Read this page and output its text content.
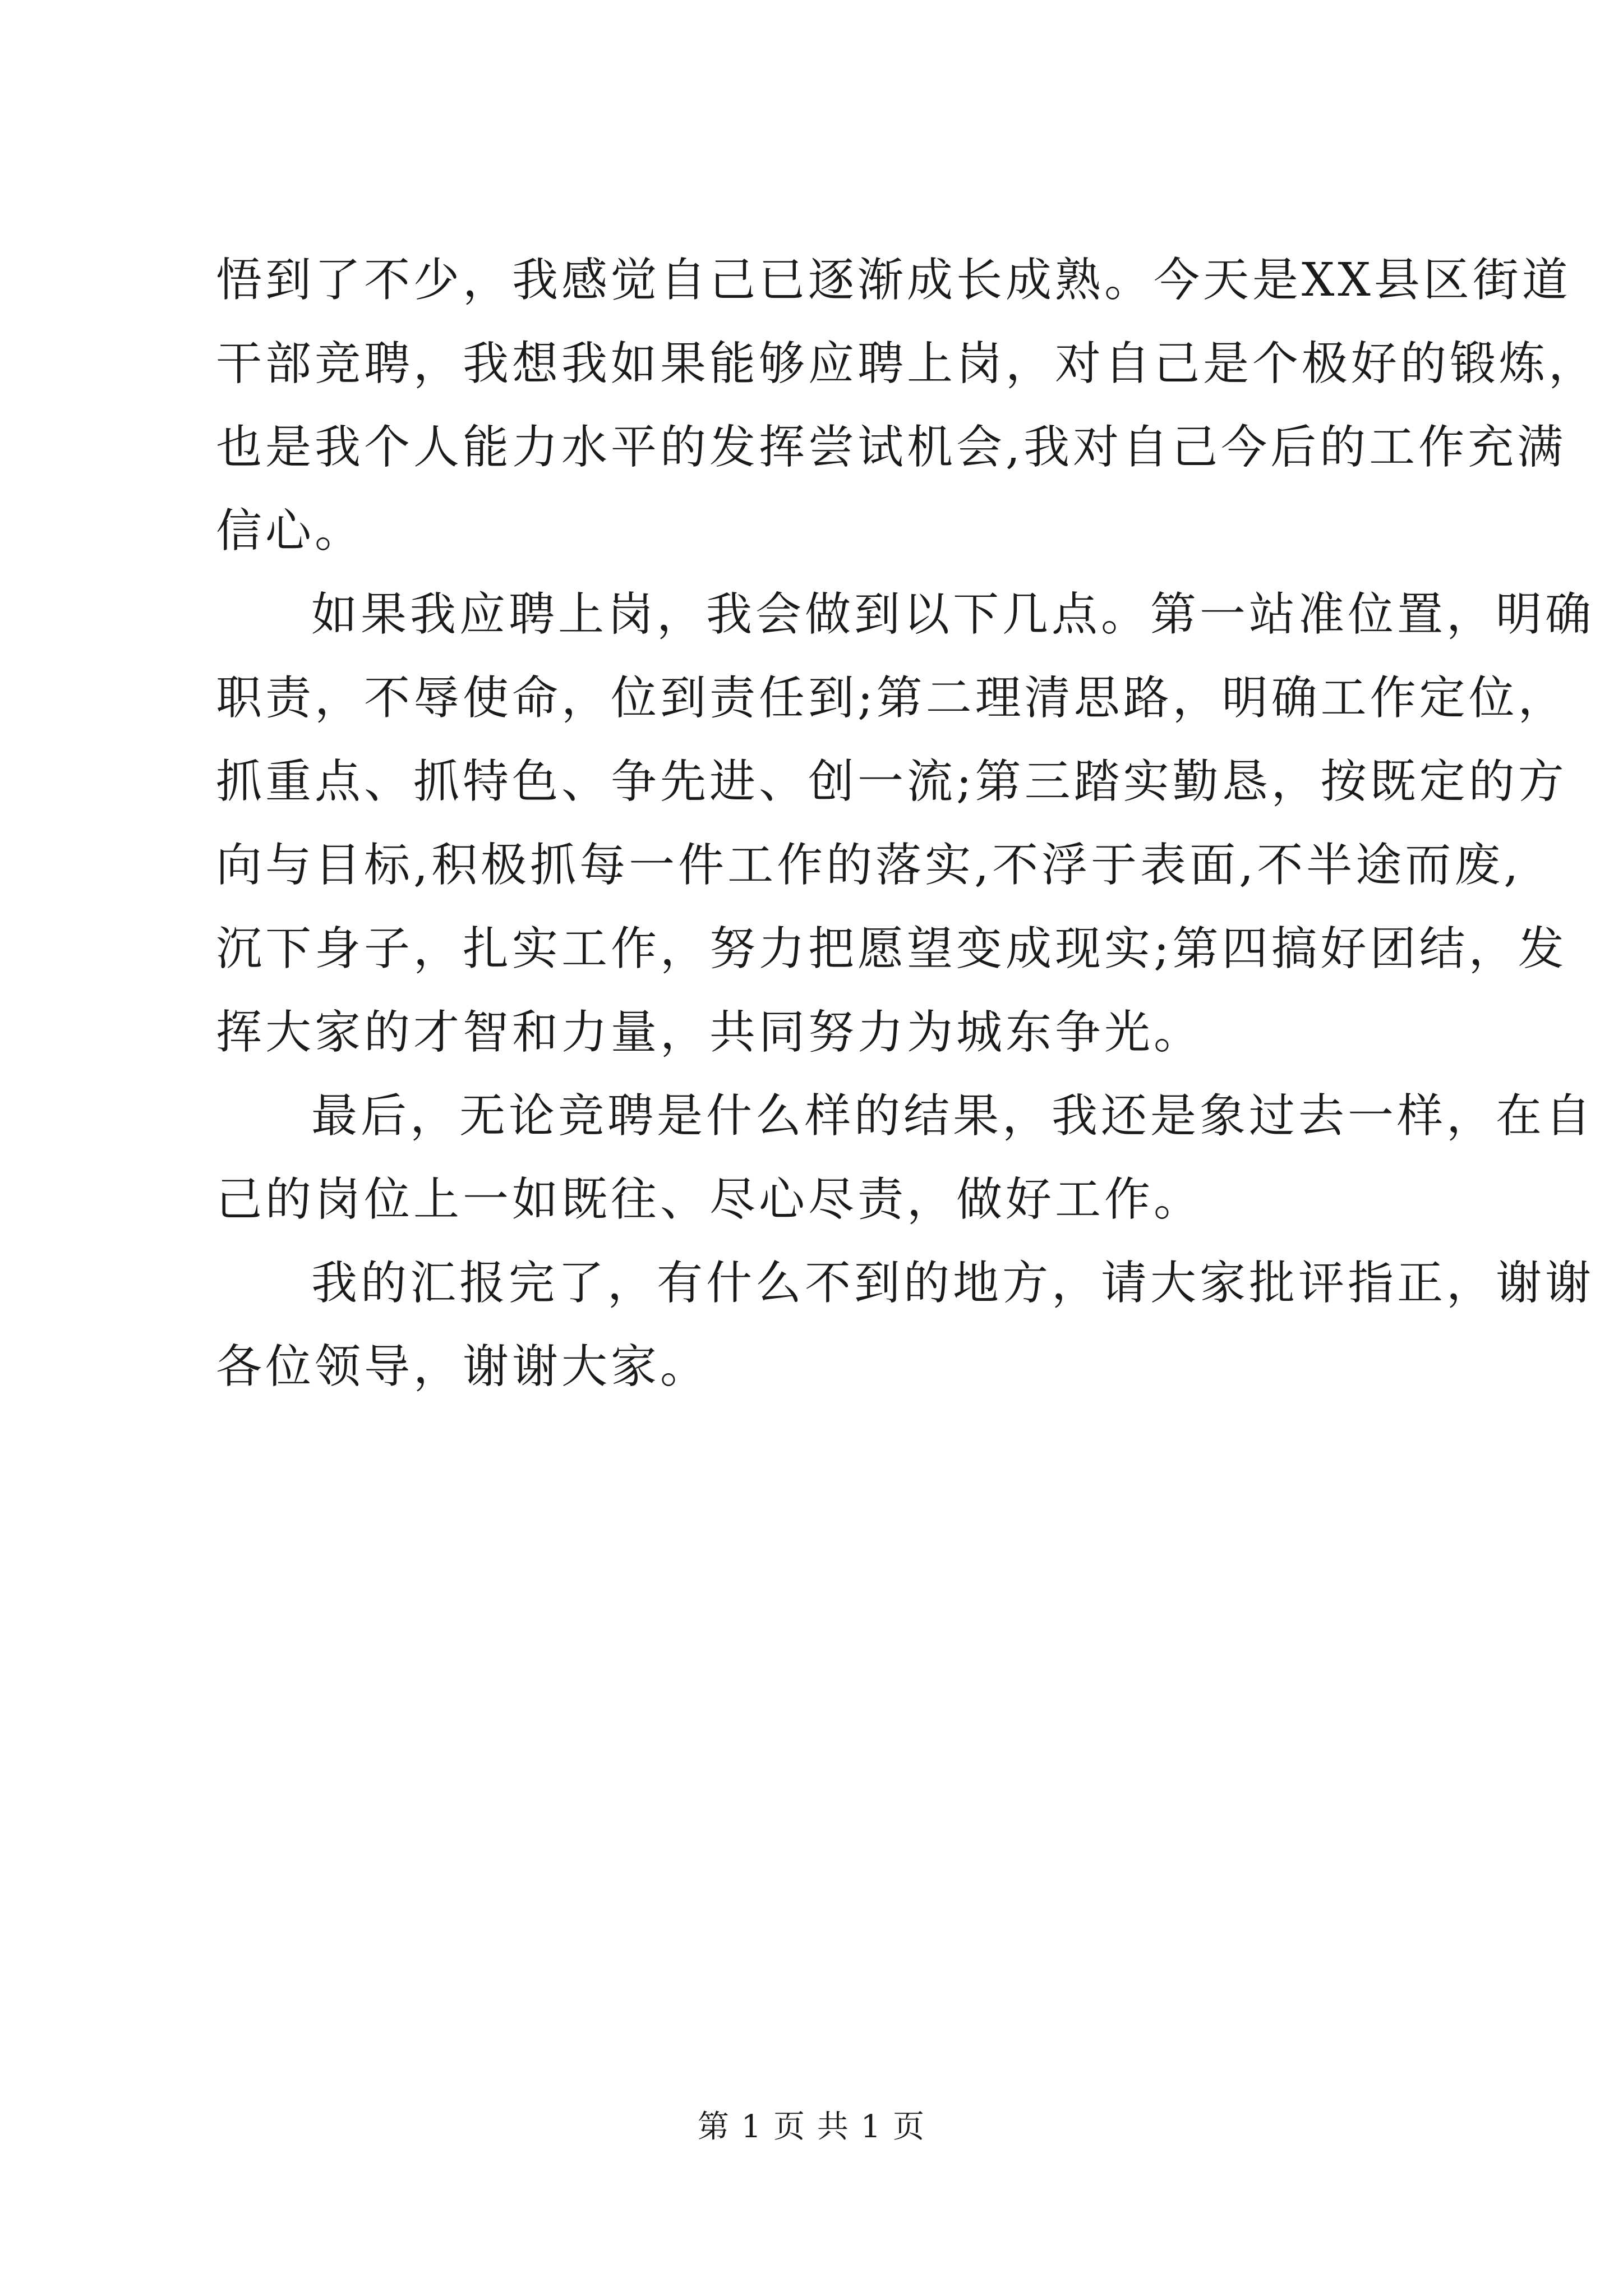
悟到了不少，我感觉自己已逐渐成长成熟。今天是XX县区街道
干部竞聘，我想我如果能够应聘上岗，对自己是个极好的锻炼，
也是我个人能力水平的发挥尝试机会,我对自己今后的工作充满
信心。
如果我应聘上岗，我会做到以下几点。第一站准位置，明确
职责，不辱使命，位到责任到;第二理清思路，明确工作定位，
抓重点、抓特色、争先进、创一流;第三踏实勤恳，按既定的方
向与目标,积极抓每一件工作的落实,不浮于表面,不半途而废,
沉下身子，扎实工作，努力把愿望变成现实;第四搞好团结，发
挥大家的才智和力量，共同努力为城东争光。
最后，无论竞聘是什么样的结果，我还是象过去一样，在自
己的岗位上一如既往、尽心尽责，做好工作。
我的汇报完了，有什么不到的地方，请大家批评指正，谢谢
各位领导，谢谢大家。
第 1 页 共 1 页
